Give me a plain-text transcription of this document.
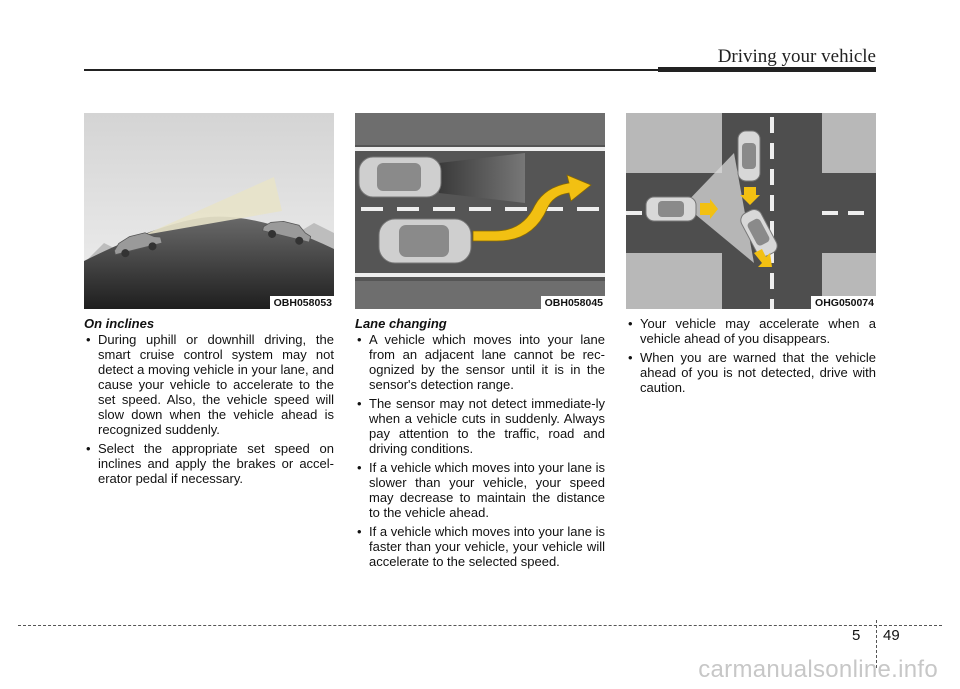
Driving your vehicle
OBH058053	OBH058045	OHG050074
On inclines
• During uphill or downhill driving, the smart cruise control system may not detect a moving vehicle in your lane, and cause your vehicle to accelerate to the set speed. Also, the vehicle speed will slow down when the vehicle ahead is recognized suddenly.
• Select the appropriate set speed on inclines and apply the brakes or accel-erator pedal if necessary.
Lane changing
• A vehicle which moves into your lane from an adjacent lane cannot be rec-ognized by the sensor until it is in the sensor's detection range.
• The sensor may not detect immediate-ly when a vehicle cuts in suddenly. Always pay attention to the traffic, road and driving conditions.
• If a vehicle which moves into your lane is slower than your vehicle, your speed may decrease to maintain the distance to the vehicle ahead.
• If a vehicle which moves into your lane is faster than your vehicle, your vehicle will accelerate to the selected speed.
• Your vehicle may accelerate when a vehicle ahead of you disappears.
• When you are warned that the vehicle ahead of you is not detected, drive with caution.
5 49
carmanualsonline.info
